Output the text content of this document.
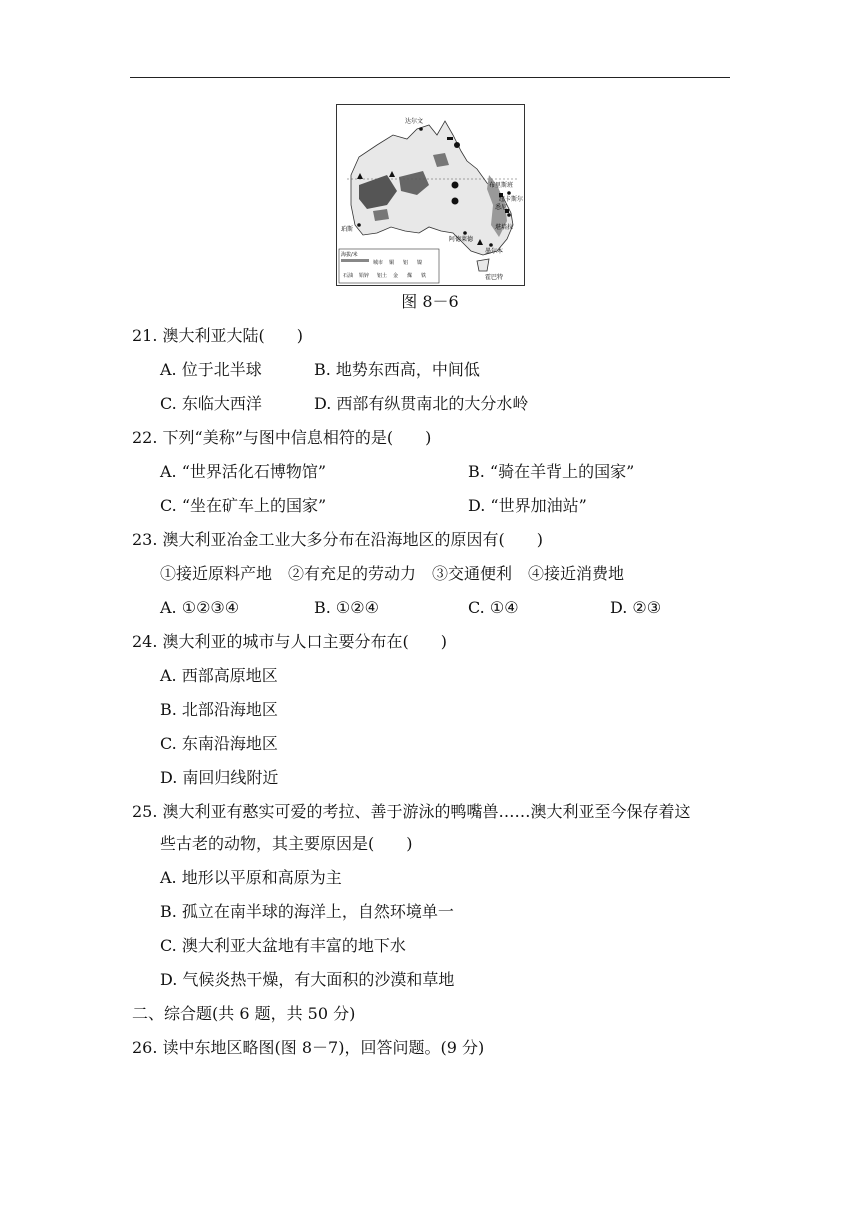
珀斯
悉尼
墨尔本
布里斯班
阿德莱德
达尔文
霍巴特
堪培拉
纽卡斯尔
海拔/米
城市 铜 铝 镍
石油 铅锌 铝土 金 煤 铁
图 8－6
21. 澳大利亚大陆(　　)
A. 位于北半球	B. 地势东西高，中间低
C. 东临大西洋	D. 西部有纵贯南北的大分水岭
22. 下列“美称”与图中信息相符的是(　　)
A. “世界活化石博物馆”	B. “骑在羊背上的国家”
C. “坐在矿车上的国家”	D. “世界加油站”
23. 澳大利亚冶金工业大多分布在沿海地区的原因有(　　)
①接近原料产地　②有充足的劳动力　③交通便利　④接近消费地
A. ①②③④	B. ①②④	C. ①④	D. ②③
24. 澳大利亚的城市与人口主要分布在(　　)
A. 西部高原地区
B. 北部沿海地区
C. 东南沿海地区
D. 南回归线附近
25. 澳大利亚有憨实可爱的考拉、善于游泳的鸭嘴兽……澳大利亚至今保存着这
些古老的动物，其主要原因是(　　)
A. 地形以平原和高原为主
B. 孤立在南半球的海洋上，自然环境单一
C. 澳大利亚大盆地有丰富的地下水
D. 气候炎热干燥，有大面积的沙漠和草地
二、综合题(共 6 题，共 50 分)
26. 读中东地区略图(图 8－7)，回答问题。(9 分)
